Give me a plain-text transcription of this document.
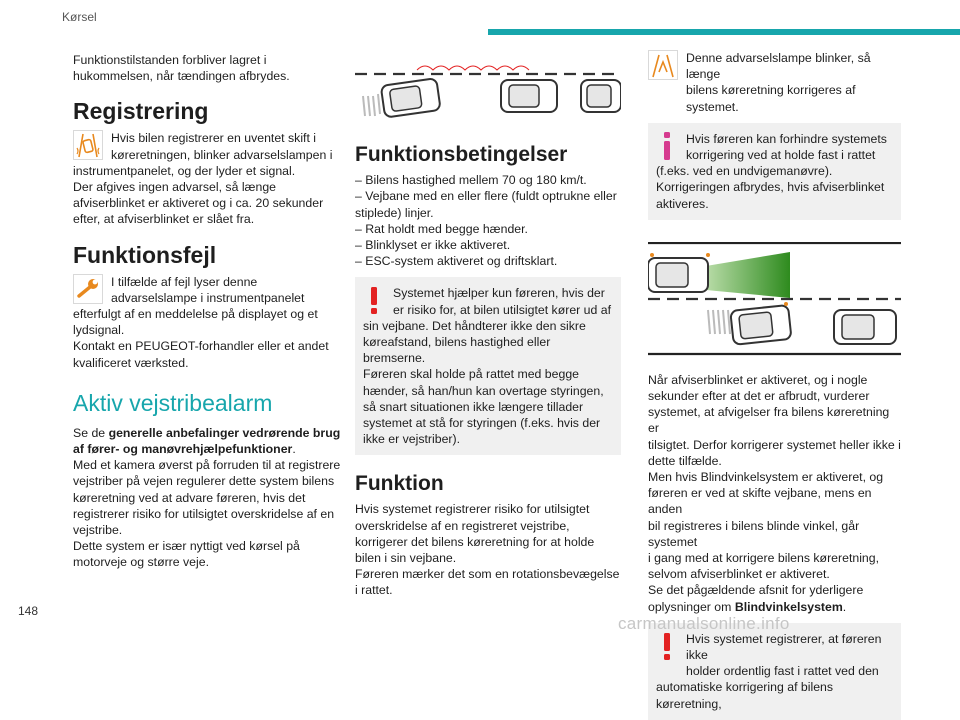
Kørsel

Funktionstilstanden forbliver lagret i

hukommelsen, når tændingen afbrydes.

Registrering

Hvis bilen registrerer en uventet skift i

køreretningen, blinker advarselslampen i

instrumentpanelet, og der lyder et signal.

Der afgives ingen advarsel, så længe

afviserblinket er aktiveret og i ca. 20 sekunder

efter, at afviserblinket er slået fra.

Funktionsfejl

I tilfælde af fejl lyser denne

advarselslampe i instrumentpanelet

efterfulgt af en meddelelse på displayet og et

lydsignal.

Kontakt en PEUGEOT-forhandler eller et andet

kvalificeret værksted.

Aktiv vejstribealarm

Se de generelle anbefalinger vedrørende brug

af fører- og manøvrehjælpefunktioner.

Med et kamera øverst på forruden til at registrere

vejstriber på vejen regulerer dette system bilens

køreretning ved at advare føreren, hvis det

registrerer risiko for utilsigtet overskridelse af en

vejstribe.

Dette system er især nyttigt ved kørsel på

motorveje og større veje.

Funktionsbetingelser

– Bilens hastighed mellem 70 og 180 km/t.

– Vejbane med en eller flere (fuldt optrukne eller

stiplede) linjer.

– Rat holdt med begge hænder.

– Blinklyset er ikke aktiveret.

– ESC-system aktiveret og driftsklart.

Systemet hjælper kun føreren, hvis der

er risiko for, at bilen utilsigtet kører ud af

sin vejbane. Det håndterer ikke den sikre

køreafstand, bilens hastighed eller

bremserne.

Føreren skal holde på rattet med begge

hænder, så han/hun kan overtage styringen,

så snart situationen ikke længere tillader

systemet at stå for styringen (f.eks. hvis der

ikke er vejstriber).

Funktion

Hvis systemet registrerer risiko for utilsigtet

overskridelse af en registreret vejstribe,

korrigerer det bilens køreretning for at holde

bilen i sin vejbane.

Føreren mærker det som en rotationsbevægelse

i rattet.

Denne advarselslampe blinker, så længe

bilens køreretning korrigeres af systemet.

Hvis føreren kan forhindre systemets

korrigering ved at holde fast i rattet

(f.eks. ved en undvigemanøvre).

Korrigeringen afbrydes, hvis afviserblinket

aktiveres.

Når afviserblinket er aktiveret, og i nogle

sekunder efter at det er afbrudt, vurderer

systemet, at afvigelser fra bilens køreretning er

tilsigtet. Derfor korrigerer systemet heller ikke i

dette tilfælde.

Men hvis Blindvinkelsystem er aktiveret, og

føreren er ved at skifte vejbane, mens en anden

bil registreres i bilens blinde vinkel, går systemet

i gang med at korrigere bilens køreretning,

selvom afviserblinket er aktiveret.

Se det pågældende afsnit for yderligere

oplysninger om Blindvinkelsystem.

Hvis systemet registrerer, at føreren ikke

holder ordentlig fast i rattet ved den

automatiske korrigering af bilens køreretning,

148
carmanualsonline.info
